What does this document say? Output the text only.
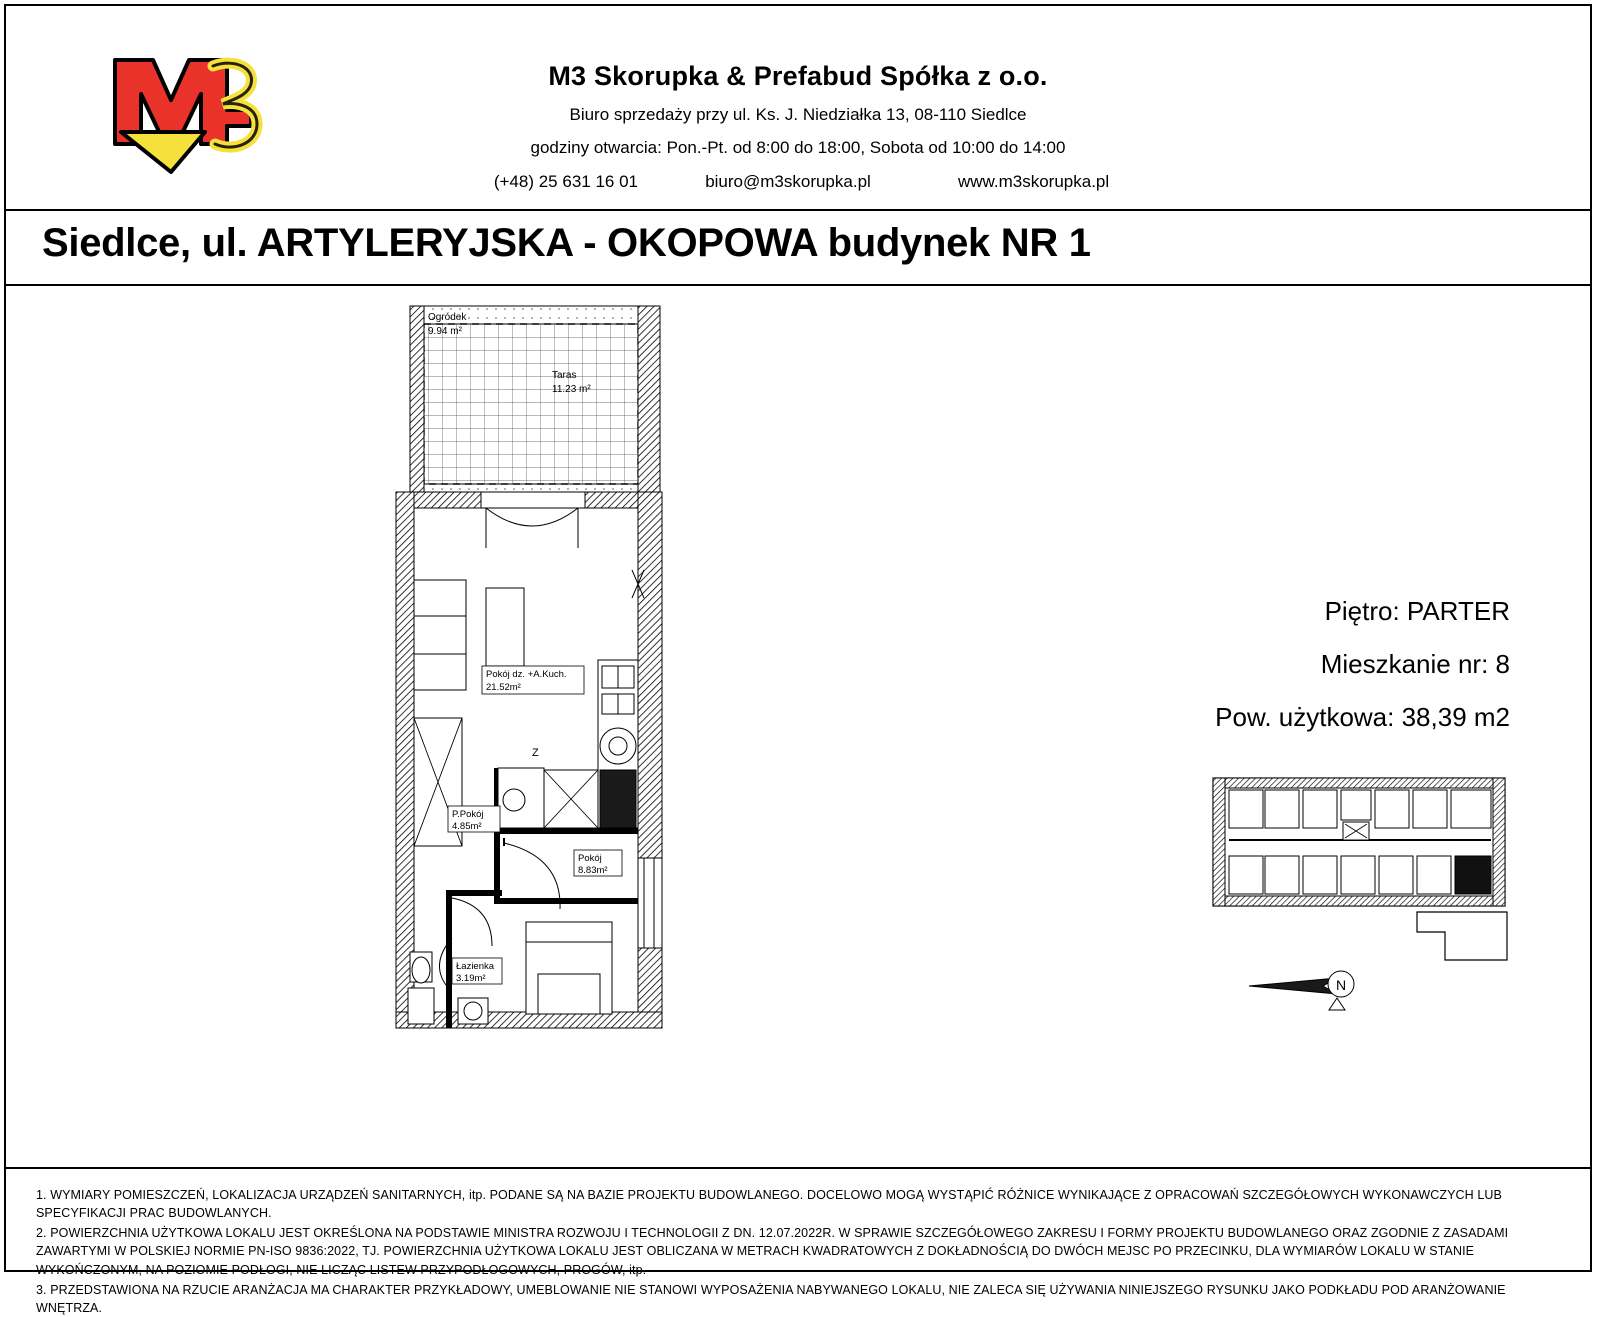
M3 Skorupka & Prefabud Spółka z o.o.
Biuro sprzedaży przy ul. Ks. J. Niedziałka 13, 08-110 Siedlce
godziny otwarcia: Pon.-Pt. od 8:00 do 18:00, Sobota od 10:00 do 14:00
(+48) 25 631 16 01	biuro@m3skorupka.pl	www.m3skorupka.pl
Siedlce, ul. ARTYLERYJSKA - OKOPOWA budynek NR 1
Ogródek
9.94 m²
Taras
11.23 m²
Pokój dz. +A.Kuch.
21.52m²
P.Pokój
4.85m²
Pokój
8.83m²
Łazienka
3.19m²
Z
Piętro: PARTER
Mieszkanie nr: 8
Pow. użytkowa: 38,39 m2
N

1. WYMIARY POMIESZCZEŃ, LOKALIZACJA URZĄDZEŃ SANITARNYCH, itp. PODANE SĄ NA BAZIE PROJEKTU BUDOWLANEGO. DOCELOWO MOGĄ WYSTĄPIĆ RÓŻNICE WYNIKAJĄCE Z OPRACOWAŃ SZCZEGÓŁOWYCH WYKONAWCZYCH LUB SPECYFIKACJI PRAC BUDOWLANYCH.

2. POWIERZCHNIA UŻYTKOWA LOKALU JEST OKREŚLONA NA PODSTAWIE MINISTRA ROZWOJU I TECHNOLOGII Z DN. 12.07.2022R. W SPRAWIE SZCZEGÓŁOWEGO ZAKRESU I FORMY PROJEKTU BUDOWLANEGO ORAZ ZGODNIE Z ZASADAMI ZAWARTYMI W POLSKIEJ NORMIE PN-ISO 9836:2022, TJ. POWIERZCHNIA UŻYTKOWA LOKALU JEST OBLICZANA W METRACH KWADRATOWYCH Z DOKŁADNOŚCIĄ DO DWÓCH MEJSC PO PRZECINKU, DLA WYMIARÓW LOKALU W STANIE WYKOŃCZONYM, NA POZIOMIE PODŁOGI, NIE LICZĄC LISTEW PRZYPODŁOGOWYCH, PROGÓW, itp.

3. PRZEDSTAWIONA NA RZUCIE ARANŻACJA MA CHARAKTER PRZYKŁADOWY, UMEBLOWANIE NIE STANOWI WYPOSAŻENIA NABYWANEGO LOKALU, NIE ZALECA SIĘ UŻYWANIA NINIEJSZEGO RYSUNKU JAKO PODKŁADU POD ARANŻOWANIE WNĘTRZA.
